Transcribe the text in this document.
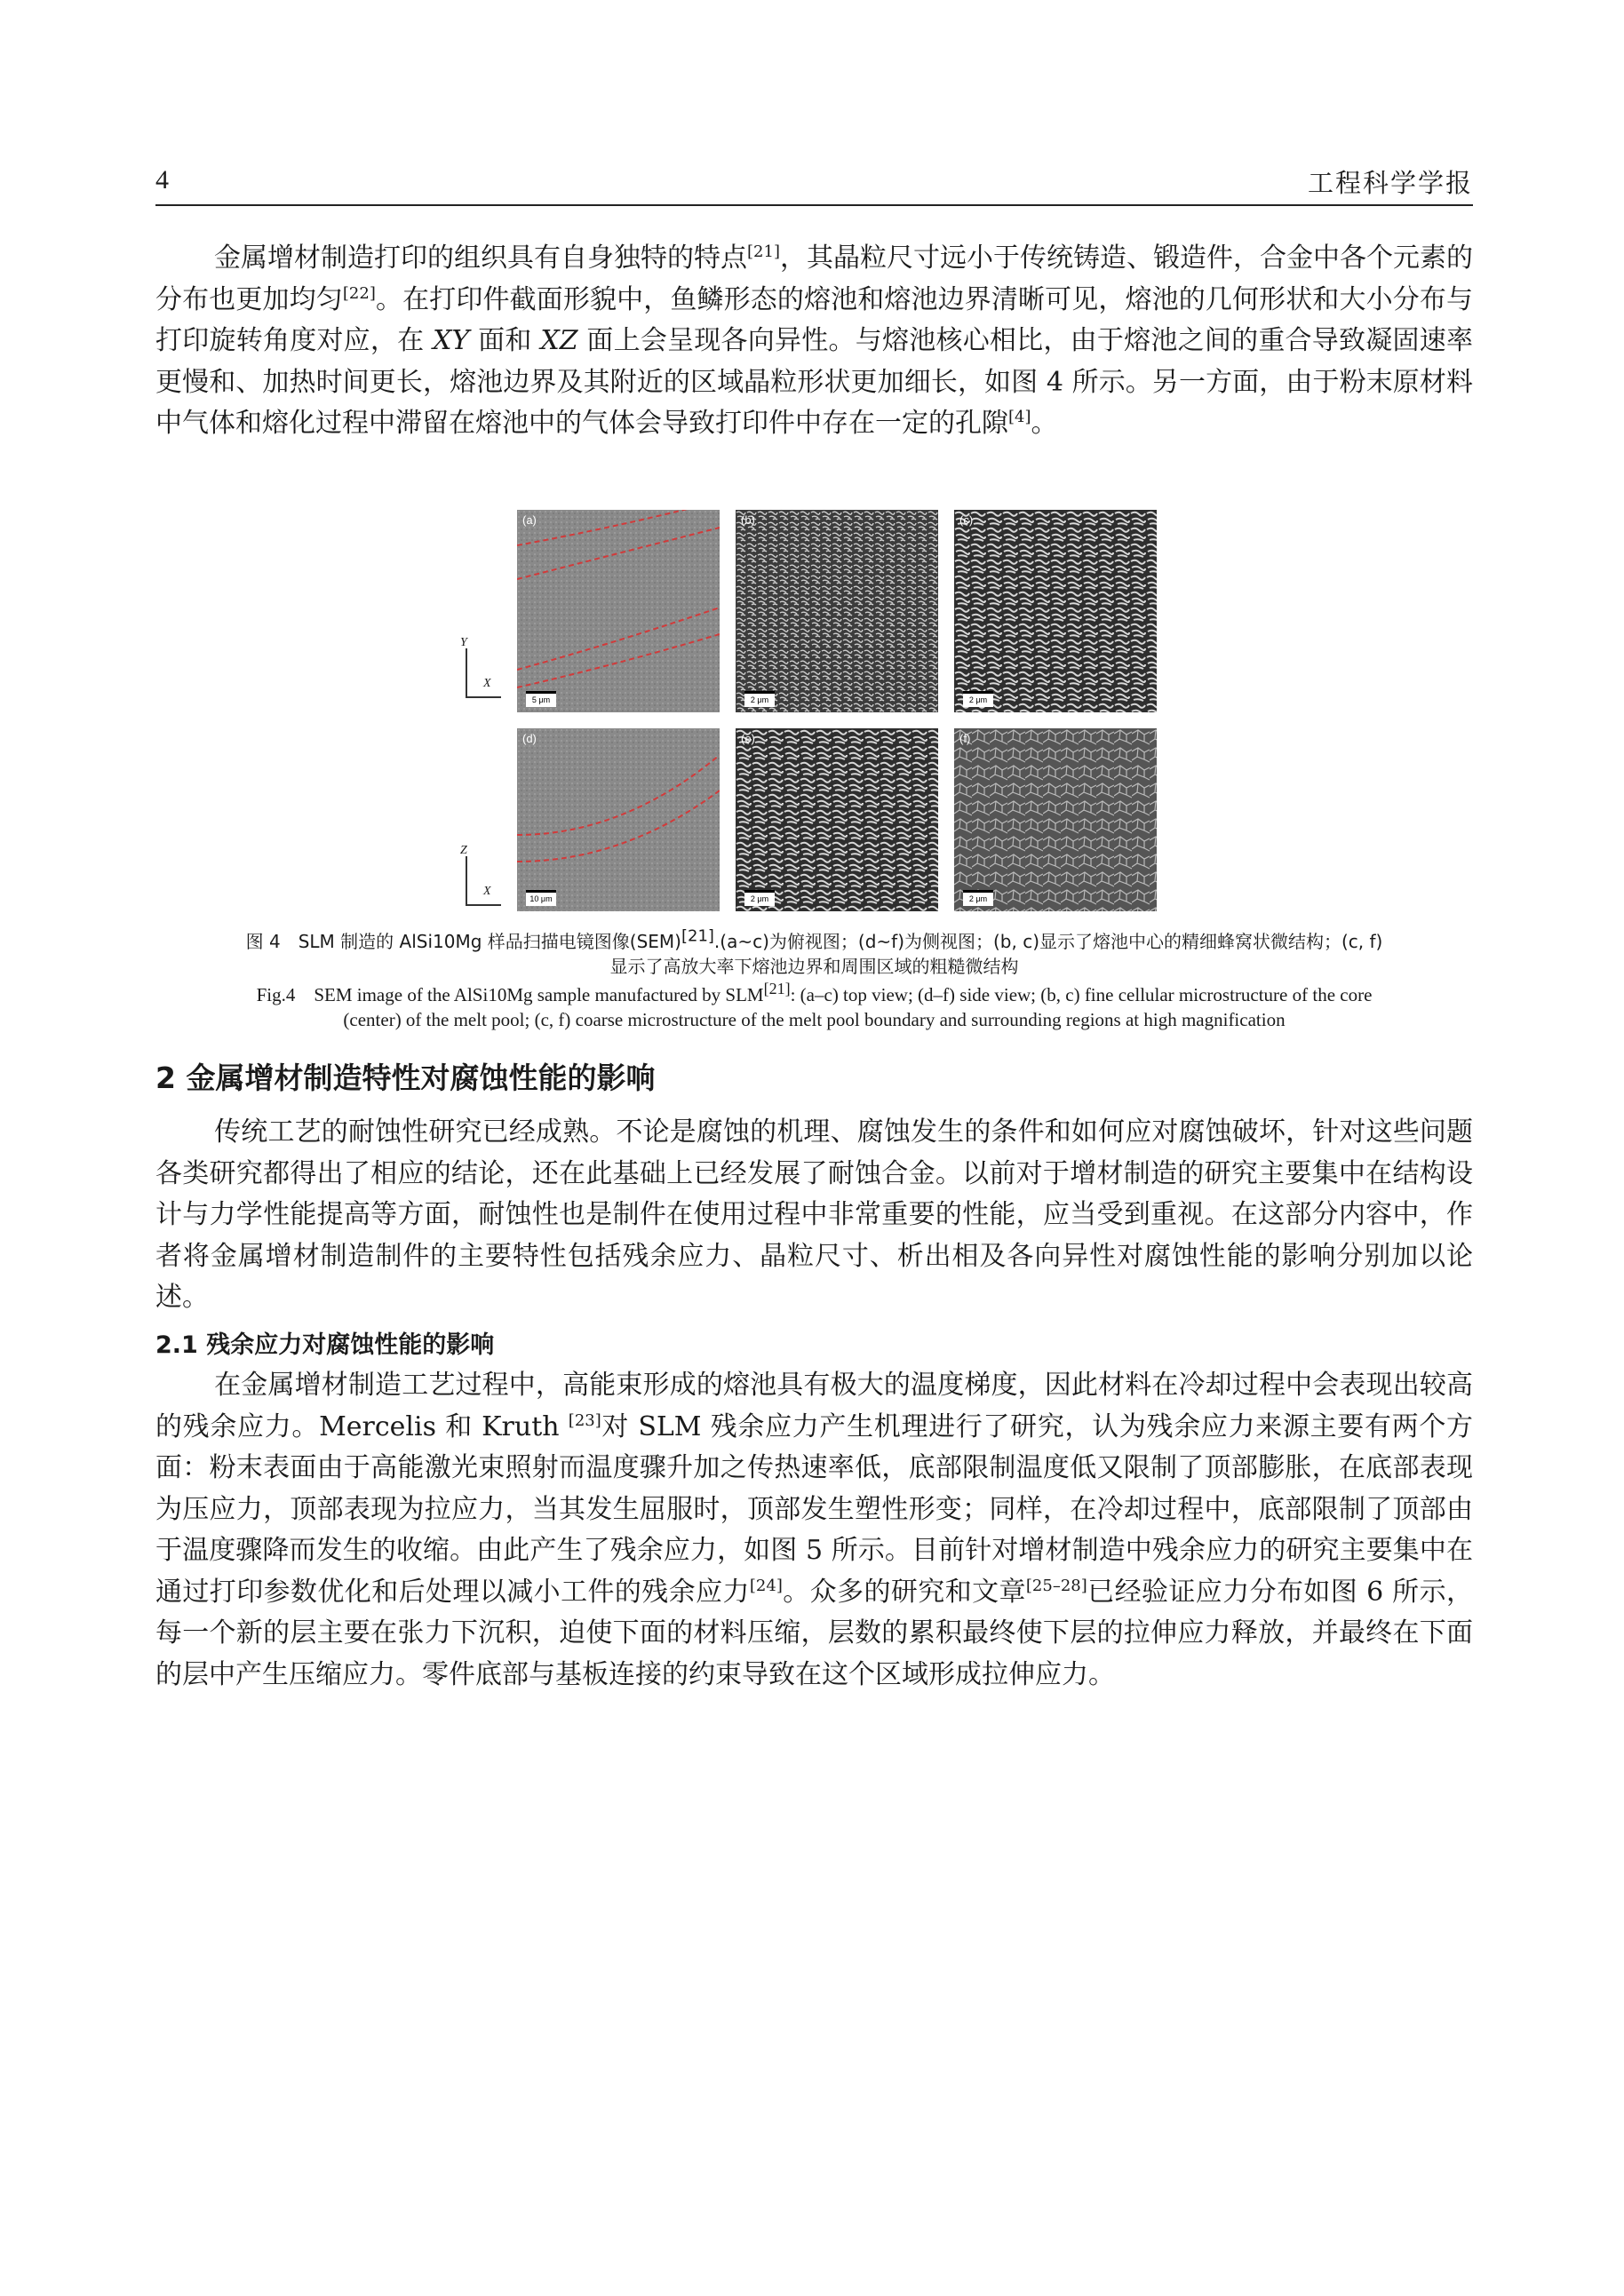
4	工程科学学报
金属增材制造打印的组织具有自身独特的特点[21]，其晶粒尺寸远小于传统铸造、锻造件，合金中各个元素的分布也更加均匀[22]。在打印件截面形貌中，鱼鳞形态的熔池和熔池边界清晰可见，熔池的几何形状和大小分布与打印旋转角度对应，在 XY 面和 XZ 面上会呈现各向异性。与熔池核心相比，由于熔池之间的重合导致凝固速率更慢和、加热时间更长，熔池边界及其附近的区域晶粒形状更加细长，如图 4 所示。另一方面，由于粉末原材料中气体和熔化过程中滞留在熔池中的气体会导致打印件中存在一定的孔隙[4]。
Y
X
Z
X
(a)
5 μm
(b)
2 μm
(c)
2 μm
(d)
10 μm
(e)
2 μm
(f)
2 μm
图 4　SLM 制造的 AlSi10Mg 样品扫描电镜图像(SEM)[21].(a~c)为俯视图；(d~f)为侧视图；(b, c)显示了熔池中心的精细蜂窝状微结构；(c, f)
显示了高放大率下熔池边界和周围区域的粗糙微结构
Fig.4　SEM image of the AlSi10Mg sample manufactured by SLM[21]: (a–c) top view; (d–f) side view; (b, c) fine cellular microstructure of the core
(center) of the melt pool; (c, f) coarse microstructure of the melt pool boundary and surrounding regions at high magnification
2 金属增材制造特性对腐蚀性能的影响
传统工艺的耐蚀性研究已经成熟。不论是腐蚀的机理、腐蚀发生的条件和如何应对腐蚀破坏，针对这些问题各类研究都得出了相应的结论，还在此基础上已经发展了耐蚀合金。以前对于增材制造的研究主要集中在结构设计与力学性能提高等方面，耐蚀性也是制件在使用过程中非常重要的性能，应当受到重视。在这部分内容中，作者将金属增材制造制件的主要特性包括残余应力、晶粒尺寸、析出相及各向异性对腐蚀性能的影响分别加以论述。
2.1 残余应力对腐蚀性能的影响
在金属增材制造工艺过程中，高能束形成的熔池具有极大的温度梯度，因此材料在冷却过程中会表现出较高的残余应力。Mercelis 和 Kruth [23]对 SLM 残余应力产生机理进行了研究，认为残余应力来源主要有两个方面：粉末表面由于高能激光束照射而温度骤升加之传热速率低，底部限制温度低又限制了顶部膨胀，在底部表现为压应力，顶部表现为拉应力，当其发生屈服时，顶部发生塑性形变；同样，在冷却过程中，底部限制了顶部由于温度骤降而发生的收缩。由此产生了残余应力，如图 5 所示。目前针对增材制造中残余应力的研究主要集中在通过打印参数优化和后处理以减小工件的残余应力[24]。众多的研究和文章[25–28]已经验证应力分布如图 6 所示，每一个新的层主要在张力下沉积，迫使下面的材料压缩，层数的累积最终使下层的拉伸应力释放，并最终在下面的层中产生压缩应力。零件底部与基板连接的约束导致在这个区域形成拉伸应力。
